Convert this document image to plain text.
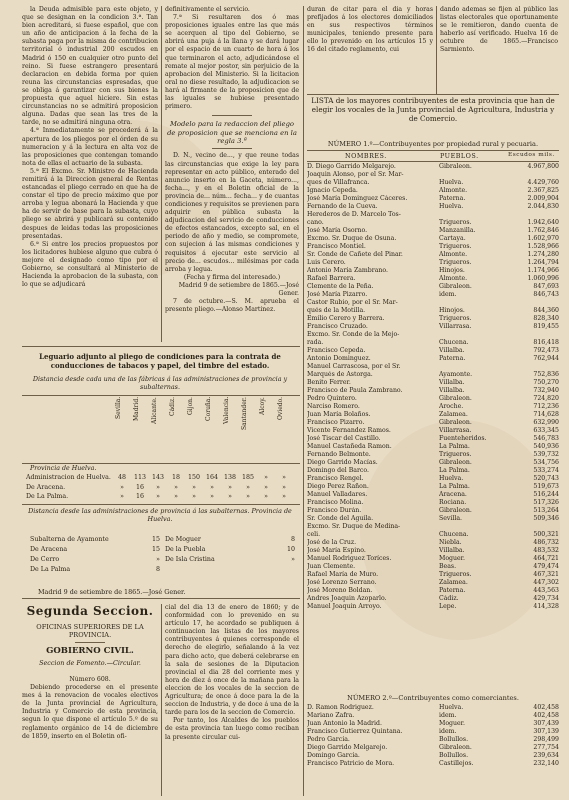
la Deuda admisible para este objeto, y que se designan en la condicion 3.ª. Tan bien acreditará, si fuese español, que con un año de anticipacion á la fecha de la subasta paga por la misma de contribucion territorial ó industrial 200 escudos en Madrid ó 150 en cualquier otro punto del reino. Si fuese estrangero presentará declaracion en debida forma por quien reuna las circunstancias espresadas, que se obliga á garantizar con sus bienes la propuesta que aquel hiciere. Sin estas circunstancias no se admitirá proposicion alguna. Dadas que sean las tres de la tarde, no se admitirá ninguna otra.

4.ª Inmediatamente se procederá á la apertura de los pliegos por el órden de su numeracion y á la lectura en alta voz de las proposiciones que contengan tomando nota de ellas el actuario de la subasta.

5.ª El Excmo. Sr. Ministro de Hacienda remitirá á la Direccion general de Rentas estancadas el pliego cerrado en que ha de constar el tipo de precio máximo que por arroba y legua abonará la Hacienda y que ha de servir de base para la subasta, cuyo pliego se abrirá y publicará su contenido despues de leidas todas las proposiciones presentadas.

6.ª Si entre los precios propuestos por los licitadores hubiese alguno que cubra ó mejore el designado como tipo por el Gobierno, se consultará al Ministerio de Hacienda la aprobacion de la subasta, con lo que se adjudicará

definitivamente el servicio.

7.ª Si resultaren dos ó mas proposiciones iguales entre las que más se acerquen al tipo del Gobierno, se abrirá una puja á la llana y se dará lugar por el espacio de un cuarto de hora á los que terminaron el acto, adjudicándose el remate al mejor postor, sin perjuicio de la aprobacion del Ministerio. Si la licitacion oral no diese resultado, la adjudicacion se hará al firmante de la proposicion que de las iguales se hubiese presentado primero.

Modelo para la redaccion del pliego de proposicion que se menciona en la regla 3.ª

D. N., vecino de..., y que reune todas las circunstancias que exige la ley para representar en acto público, enterado del anuncio inserto en la Gaceta, número..., fecha..., y en el Boletin oficial de la provincia de... núm... fecha... y de cuantas condiciones y requisitos se previenen para adquirir en pública subasta la adjudicacion del servicio de conducciones de efectos estancados, excepto sal, en el periodo de año y medio, se compromete, con sujecion á las mismas condiciones y requisitos á ejecutar este servicio al precio de... escudos... milésimas por cada arroba y legua.

(Fecha y firma del interesado.)

Madrid 9 de setiembre de 1865.—José Gener.

7 de octubre.—S. M. aprueba el presente pliego.—Alonso Martinez.

duran de citar para el dia y horas prefijados á los electores domiciliados en sus respectivos términos municipales, teniendo presente para ello lo prevenido en los artículos 15 y 16 del citado reglamento, cui

dando ademas se fijen al público las listas electorales que oportunamente se le remitieron, dando cuenta de haberlo así verificado. Huelva 16 de octubre de 1865.—Francisco Sarmiento.

LISTA de los mayores contribuyentes de esta provincia que han de elegir los vocales de la Junta provincial de Agricultura, Industria y de Comercio.
NÚMERO 1.º—Contribuyentes por propiedad rural y pecuaria.
NOMBRES.	PUEBLOS.	Escudos mils.
D. Diego Garrido Melgarejo.	Gibraleon.	4.967,800
Joaquin Alonso, por el Sr. Mar-
ques de Villafranca.	Huelva.	4.429,760
Ignacio Cepeda.	Almonte.	2.367,825
José María Dominguez Cáceres.	Paterna.	2.009,904
Fernando de la Cueva.	Huelva.	2.044,830
Herederos de D. Marcelo Tos-
cano.	Trigueros.	1.942,640
José María Osorno.	Manzanilla.	1.762,846
Excmo. Sr. Duque de Osuna.	Cartaya.	1.602,970
Francisco Montiel.	Trigueros.	1.528,966
Sr. Conde de Cañete del Pinar.	Almonte.	1.274,280
Luis Cerero.	Trigueros.	1.264,794
Antonio María Zambrano.	Hinojos.	1.174,966
Rafael Barrera.	Almonte.	1.060,996
Clemente de la Peña.	Gibraleon.	847,693
José María Pizarro.	idem.	846,743
Castor Rubio, por el Sr. Mar-
qués de la Motilla.	Hinojos.	844,360
Emilio Cerero y Barrera.	Trigueros.	828,340
Francisco Cruzado.	Villarrasa.	819,455
Excmo. Sr. Conde de la Mejo-
rada.	Chucena.	816,418
Francisco Cepeda.	Villalba.	792,473
Antonio Dominguez.	Paterna.	762,944
Manuel Carrascosa, por el Sr.
Marqués de Astorga.	Ayamonte.	752,836
Benito Ferrer.	Villalba.	750,270
Francisco de Paula Zambrano.	Villalba.	732,940
Pedro Quintero.	Gibraleon.	724,820
Narciso Romero.	Aroche.	712,236
Juan María Bolaños.	Zalamea.	714,628
Francisco Pizarro.	Gibraleon.	632,990
Vicente Fernandez Ramos.	Villarrasa.	633,345
José Tiscar del Castillo.	Fuenteheridos.	546,783
Manuel Castañeda Ramon.	La Palma.	540,936
Fernando Belmonte.	Trigueros.	539,732
Diego Garrido Macías.	Gibraleon.	534,756
Domingo del Barco.	La Palma.	533,274
Francisco Rengel.	Huelva.	520,743
Diego Perez Rañon.	La Palma.	519,673
Manuel Valladares.	Aracena.	516,244
Francisco Molina.	Rociana.	517,326
Francisco Durán.	Gibraleon.	513,264
Sr. Conde del Águila.	Sevilla.	509,346
Excmo. Sr. Duque de Medina-
celi.	Chucena.	500,321
José de la Cruz.	Niebla.	486,732
José María Espino.	Villalba.	483,532
Manuel Rodriguez Toríces.	Moguer.	464,721
Juan Clemente.	Beas.	479,474
Rafael María de Muro.	Trigueros.	467,321
José Lorenzo Serrano.	Zalamea.	447,302
José Moreno Boldan.	Paterna.	443,563
Andres Joaquin Azoparlo.	Cádiz.	429,734
Manuel Joaquin Arroyo.	Lepe.	414,328
NÚMERO 2.º—Contribuyentes como comerciantes.
D. Ramon Rodriguez.	Huelva.	402,458
Mariano Zafra.	idem.	402,458
Juan Antonio la Madrid.	Moguer.	307,439
Francisco Gutierrez Quintana.	idem.	307,139
Pedro García.	Bollullos.	298,499
Diego Garrido Melgarejo.	Gibraleon.	277,754
Domingo García.	Bollullos.	239,634
Francisco Patricio de Mora.	Castillejos.	232,140
Leguario adjunto al pliego de condiciones para la contrata de conducciones de tabacos y papel, del timbre del estado.
Distancia desde cada una de las fábricas á las administraciones de provincia y subalternas.
Sevilla.	Madrid.	Alicante.	Cádiz.	Gijon.	Coruña.	Valencia.	Santander.	Alcoy.	Oviedo.
Provincia de Huelva.
Administracion de Huelva.	48	113 143	18	150 164 138 185	»	»
De Aracena.	»	16	»	»	»	»	»	»	»	»
De La Palma.	»	16	»	»	»	»	»	»	»	»
Distancia desde las administraciones de provincia á las subalternas. Provincia de Huelva.
Subalterna de Ayamonte	15
De Aracena	15
De Cerro	»
De La Palma	8
De Moguer	8
De la Puebla	10
De Isla Cristina	»
Madrid 9 de setiembre de 1865.—José Gener.
Segunda Seccion.
OFICINAS SUPERIORES DE LA PROVINCIA.
GOBIERNO CIVIL.
Seccion de Fomento.—Circular.

Número 608.

Debiendo procederse en el presente mes á la renovacion de vocales electivos de la Junta provincial de Agricultura, Industria y Comercio de esta provincia, segun lo que dispone el artículo 5.º de su reglamento orgánico de 14 de diciembre de 1859, inserto en el Boletin ofi-

cial del dia 13 de enero de 1860; y de conformidad con lo prevenido en su artículo 17, he acordado se publiquen á continuacion las listas de los mayores contribuyentes á quienes corresponde el derecho de elegirlo, señalando á la vez para dicho acto, que deberá celebrarse en la sala de sesiones de la Diputacion provincial el dia 28 del corriente mes y hora de diez á once de la mañana para la eleccion de los vocales de la seccion de Agricultura; de once á doce para la de la seccion de Industria, y de doce á una de la tarde para los de la seccion de Comercio.

Por tanto, los Alcaldes de los pueblos de esta provincia tan luego como reciban la presente circular cui-
